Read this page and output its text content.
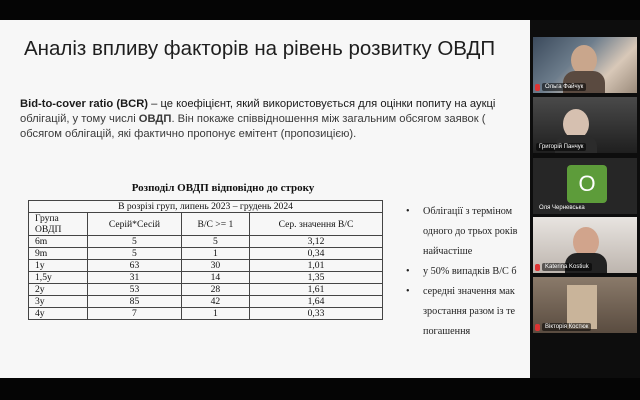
Аналіз впливу факторів на рівень розвитку ОВДП
Bid-to-cover ratio (BCR) – це коефіцієнт, який використовується для оцінки попиту на аукці
облігацій, у тому числі ОВДП. Він покаже співвідношення між загальним обсягом заявок (
обсягом облігацій, які фактично пропонує емітент (пропозицією).
Розподіл ОВДП відповідно до строку
В розрізі груп, липень 2023 – грудень 2024			
Група
ОВДП	Серій*Сесій	B/C >= 1	Сер. значення B/C
6m	5	5	3,12
9m	5	1	0,34
1y	63	30	1,01
1,5y	31	14	1,35
2y	53	28	1,61
3y	85	42	1,64
4y	7	1	0,33
• Облігації з терміном
одного до трьох років
найчастіше
• у 50% випадків B/C б
• середні значення мак
зростання разом із те
погашення
Ольга Файчук
Григорій Панчук
О
Оля Черневська
Katerina Kostiuk
Вікторія Костюк
